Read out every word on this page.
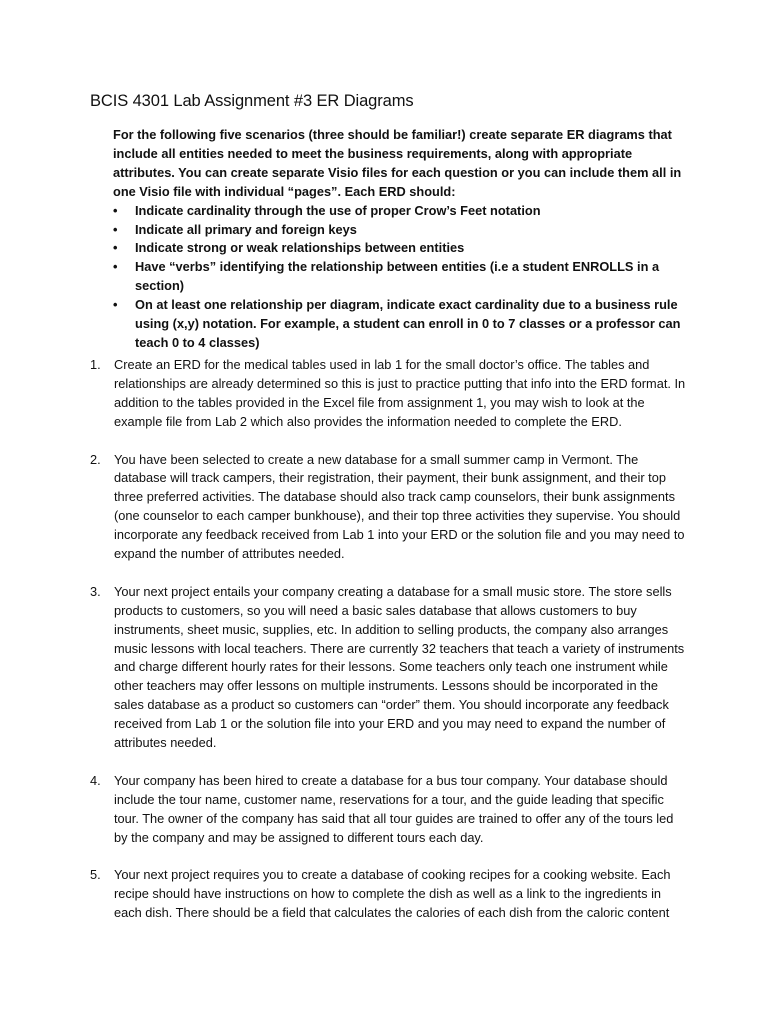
BCIS 4301 Lab Assignment #3 ER Diagrams

For the following five scenarios (three should be familiar!) create separate ER diagrams that include all entities needed to meet the business requirements, along with appropriate attributes. You can create separate Visio files for each question or you can include them all in one Visio file with individual “pages”. Each ERD should:

• Indicate cardinality through the use of proper Crow’s Feet notation
• Indicate all primary and foreign keys
• Indicate strong or weak relationships between entities
• Have “verbs” identifying the relationship between entities (i.e a student ENROLLS in a section)
• On at least one relationship per diagram, indicate exact cardinality due to a business rule using (x,y) notation. For example, a student can enroll in 0 to 7 classes or a professor can teach 0 to 4 classes)
1. Create an ERD for the medical tables used in lab 1 for the small doctor’s office. The tables and relationships are already determined so this is just to practice putting that info into the ERD format. In addition to the tables provided in the Excel file from assignment 1, you may wish to look at the example file from Lab 2 which also provides the information needed to complete the ERD.

2. You have been selected to create a new database for a small summer camp in Vermont. The database will track campers, their registration, their payment, their bunk assignment, and their top three preferred activities. The database should also track camp counselors, their bunk assignments (one counselor to each camper bunkhouse), and their top three activities they supervise. You should incorporate any feedback received from Lab 1 into your ERD or the solution file and you may need to expand the number of attributes needed.

3. Your next project entails your company creating a database for a small music store. The store sells products to customers, so you will need a basic sales database that allows customers to buy instruments, sheet music, supplies, etc. In addition to selling products, the company also arranges music lessons with local teachers. There are currently 32 teachers that teach a variety of instruments and charge different hourly rates for their lessons. Some teachers only teach one instrument while other teachers may offer lessons on multiple instruments. Lessons should be incorporated in the sales database as a product so customers can “order” them. You should incorporate any feedback received from Lab 1 or the solution file into your ERD and you may need to expand the number of attributes needed.

4. Your company has been hired to create a database for a bus tour company. Your database should include the tour name, customer name, reservations for a tour, and the guide leading that specific tour. The owner of the company has said that all tour guides are trained to offer any of the tours led by the company and may be assigned to different tours each day.

5. Your next project requires you to create a database of cooking recipes for a cooking website. Each recipe should have instructions on how to complete the dish as well as a link to the ingredients in each dish. There should be a field that calculates the calories of each dish from the caloric content
